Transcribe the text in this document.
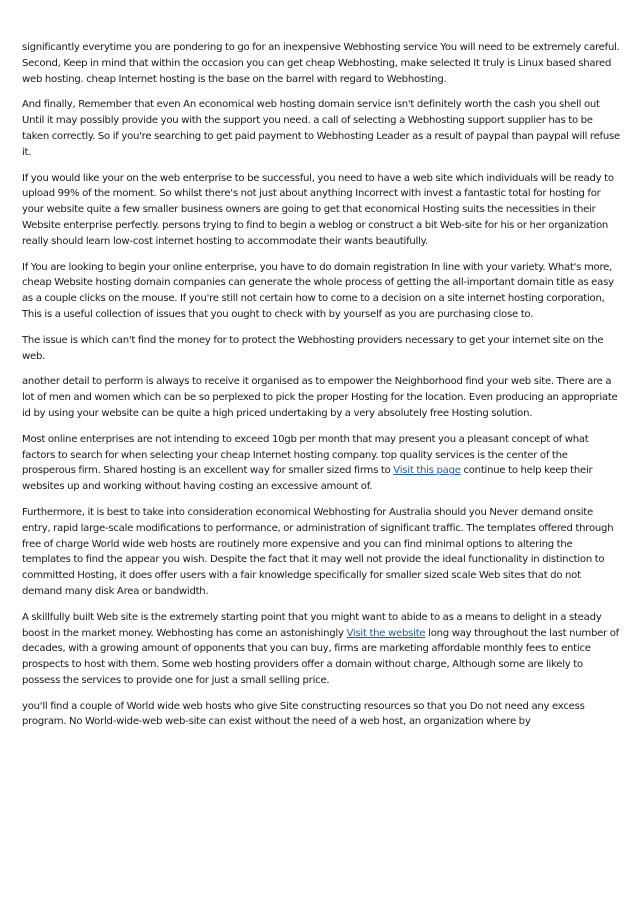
significantly everytime you are pondering to go for an inexpensive Webhosting service You will need to be extremely careful. Second, Keep in mind that within the occasion you can get cheap Webhosting, make selected It truly is Linux based shared web hosting. cheap Internet hosting is the base on the barrel with regard to Webhosting.

And finally, Remember that even An economical web hosting domain service isn't definitely worth the cash you shell out Until it may possibly provide you with the support you need. a call of selecting a Webhosting support supplier has to be taken correctly. So if you're searching to get paid payment to Webhosting Leader as a result of paypal than paypal will refuse it.

If you would like your on the web enterprise to be successful, you need to have a web site which individuals will be ready to upload 99% of the moment. So whilst there's not just about anything Incorrect with invest a fantastic total for hosting for your website quite a few smaller business owners are going to get that economical Hosting suits the necessities in their Website enterprise perfectly. persons trying to find to begin a weblog or construct a bit Web-site for his or her organization really should learn low-cost internet hosting to accommodate their wants beautifully.

If You are looking to begin your online enterprise, you have to do domain registration In line with your variety. What's more, cheap Website hosting domain companies can generate the whole process of getting the all-important domain title as easy as a couple clicks on the mouse. If you're still not certain how to come to a decision on a site internet hosting corporation, This is a useful collection of issues that you ought to check with by yourself as you are purchasing close to.

The issue is which can't find the money for to protect the Webhosting providers necessary to get your internet site on the web.

another detail to perform is always to receive it organised as to empower the Neighborhood find your web site. There are a lot of men and women which can be so perplexed to pick the proper Hosting for the location. Even producing an appropriate id by using your website can be quite a high priced undertaking by a very absolutely free Hosting solution.

Most online enterprises are not intending to exceed 10gb per month that may present you a pleasant concept of what factors to search for when selecting your cheap Internet hosting company. top quality services is the center of the prosperous firm. Shared hosting is an excellent way for smaller sized firms to Visit this page continue to help keep their websites up and working without having costing an excessive amount of.

Furthermore, it is best to take into consideration economical Webhosting for Australia should you Never demand onsite entry, rapid large-scale modifications to performance, or administration of significant traffic. The templates offered through free of charge World wide web hosts are routinely more expensive and you can find minimal options to altering the templates to find the appear you wish. Despite the fact that it may well not provide the ideal functionality in distinction to committed Hosting, it does offer users with a fair knowledge specifically for smaller sized scale Web sites that do not demand many disk Area or bandwidth.

A skillfully built Web site is the extremely starting point that you might want to abide to as a means to delight in a steady boost in the market money. Webhosting has come an astonishingly Visit the website long way throughout the last number of decades, with a growing amount of opponents that you can buy, firms are marketing affordable monthly fees to entice prospects to host with them. Some web hosting providers offer a domain without charge, Although some are likely to possess the services to provide one for just a small selling price.

you'll find a couple of World wide web hosts who give Site constructing resources so that you Do not need any excess program. No World-wide-web web-site can exist without the need of a web host, an organization where by
